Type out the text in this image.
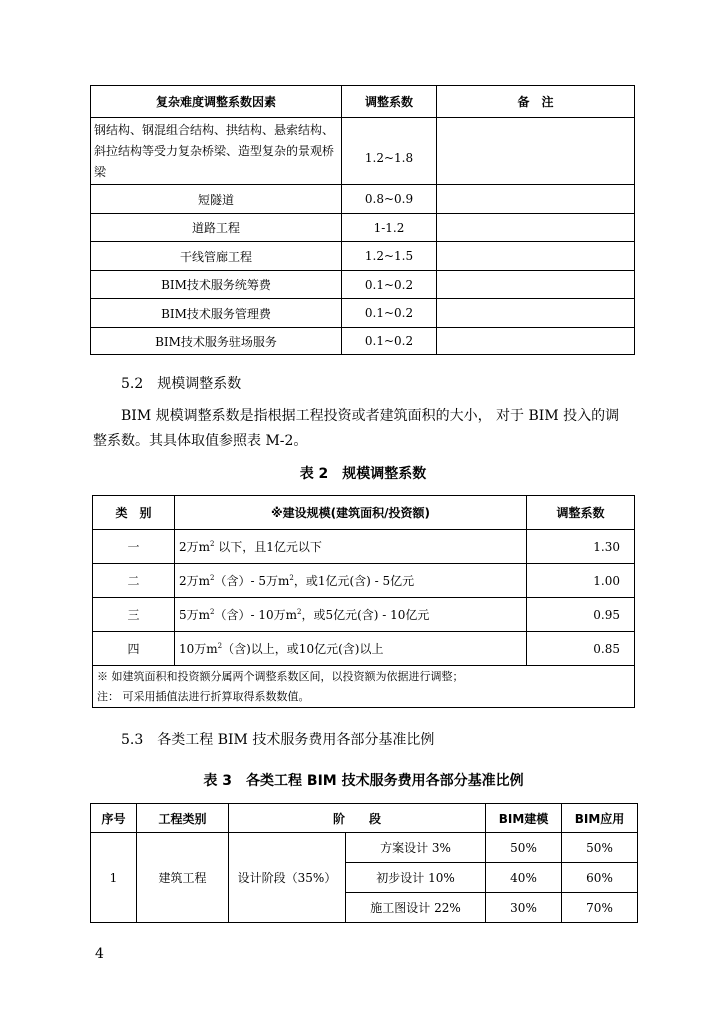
复杂难度调整系数因素	调整系数	备　注
钢结构、钢混组合结构、拱结构、悬索结构、斜拉结构等受力复杂桥梁、造型复杂的景观桥梁	1.2~1.8	
短隧道	0.8~0.9	
道路工程	1-1.2	
干线管廊工程	1.2~1.5	
BIM技术服务统筹费	0.1~0.2	
BIM技术服务管理费	0.1~0.2	
BIM技术服务驻场服务	0.1~0.2	
5.2　规模调整系数
BIM 规模调整系数是指根据工程投资或者建筑面积的大小， 对于 BIM 投入的调
整系数。其具体取值参照表 M-2。
表 2　规模调整系数
类　别	※建设规模(建筑面积/投资额)	调整系数
一	2万$m^2$ 以下，且1亿元以下	1.30
二	2万$m^2$（含）- 5万$m^2$，或1亿元(含) - 5亿元	1.00
三	5万$m^2$（含）- 10万$m^2$，或5亿元(含) - 10亿元	0.95
四	10万$m^2$（含)以上，或10亿元(含)以上	0.85

※ 如建筑面积和投资额分属两个调整系数区间，以投资额为依据进行调整；
注： 可采用插值法进行折算取得系数数值。		
5.3　各类工程 BIM 技术服务费用各部分基准比例
表 3　各类工程 BIM 技术服务费用各部分基准比例
序号	工程类别	阶　　段		BIM建模	BIM应用
1	建筑工程	设计阶段（35%）	方案设计 3%	50%	50%
			初步设计 10%	40%	60%
			施工图设计 22%	30%	70%
4
